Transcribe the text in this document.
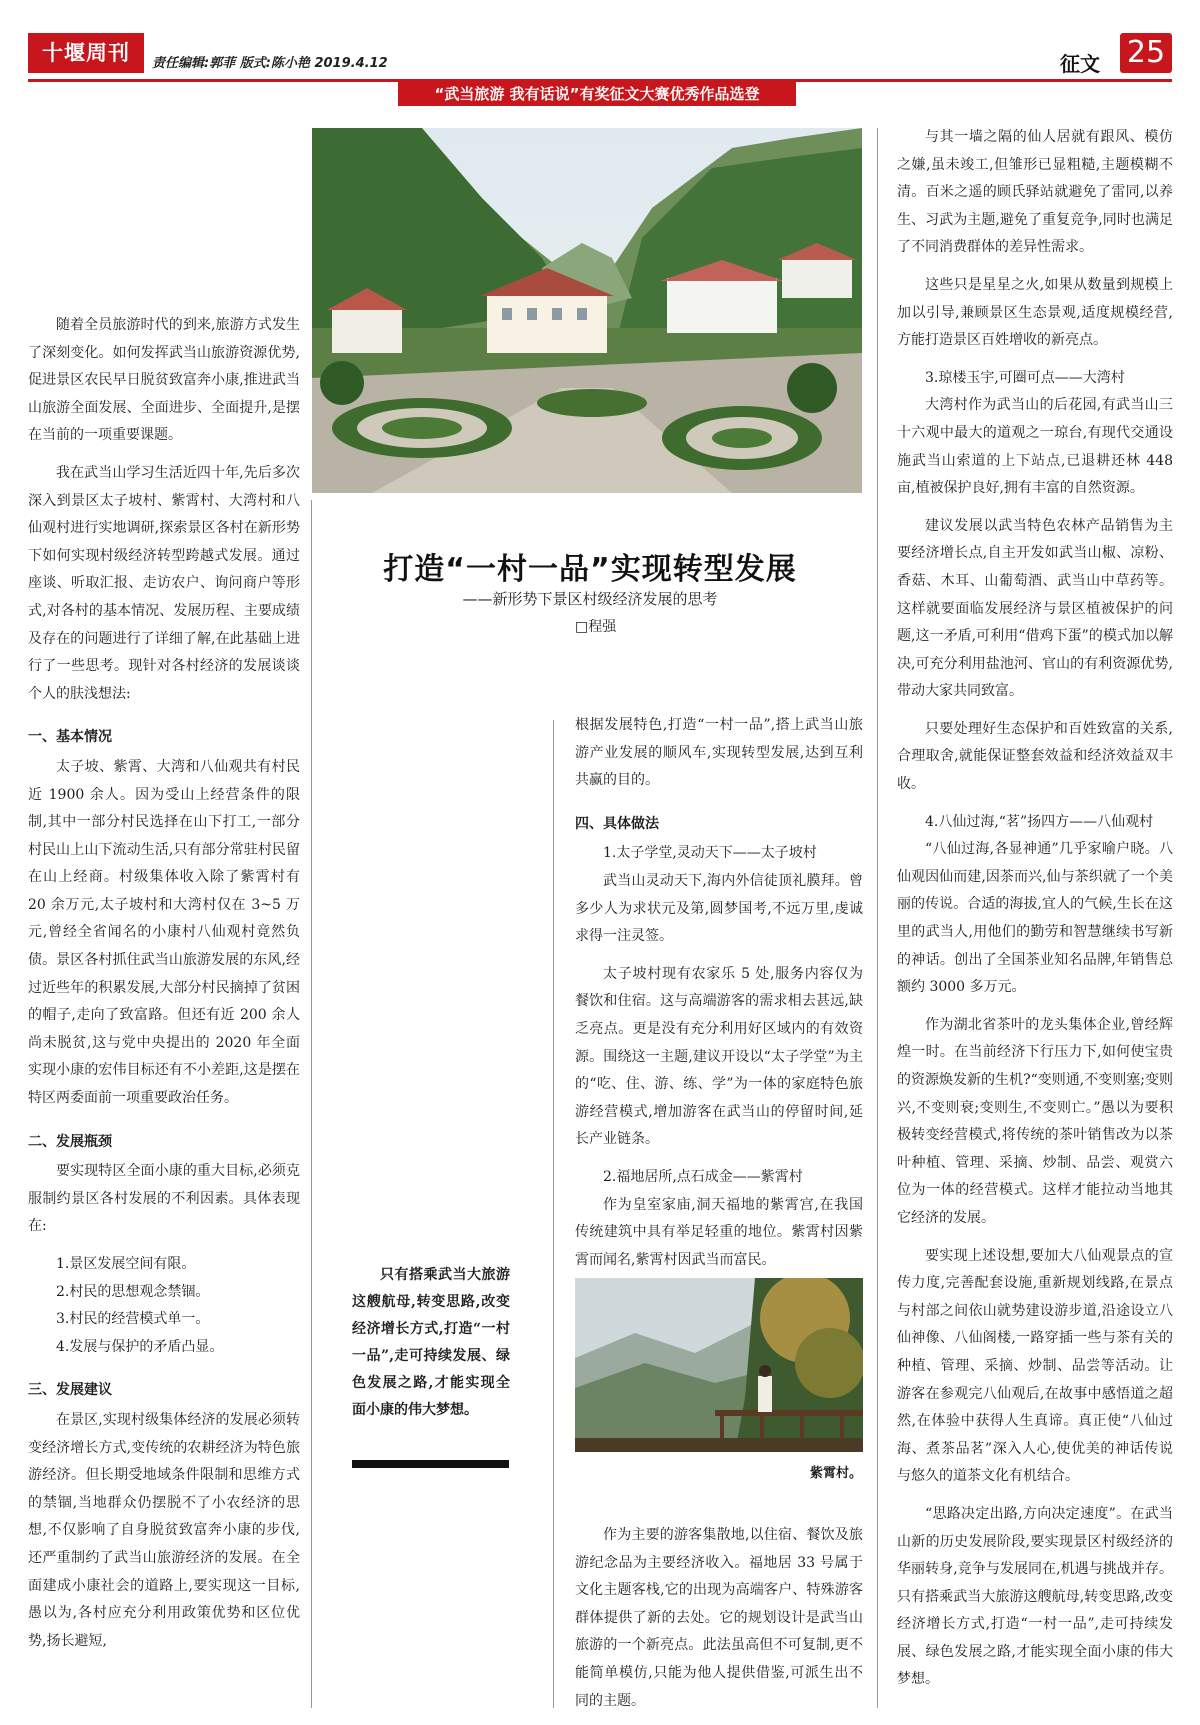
十堰周刊	责任编辑:郭菲 版式:陈小艳 2019.4.12	征文 25
“武当旅游 我有话说”有奖征文大赛优秀作品选登
打造“一村一品”实现转型发展
——新形势下景区村级经济发展的思考
□程强

随着全员旅游时代的到来,旅游方式发生了深刻变化。如何发挥武当山旅游资源优势,促进景区农民早日脱贫致富奔小康,推进武当山旅游全面发展、全面进步、全面提升,是摆在当前的一项重要课题。

我在武当山学习生活近四十年,先后多次深入到景区太子坡村、紫霄村、大湾村和八仙观村进行实地调研,探索景区各村在新形势下如何实现村级经济转型跨越式发展。通过座谈、听取汇报、走访农户、询问商户等形式,对各村的基本情况、发展历程、主要成绩及存在的问题进行了详细了解,在此基础上进行了一些思考。现针对各村经济的发展谈谈个人的肤浅想法:

一、基本情况

太子坡、紫霄、大湾和八仙观共有村民近 1900 余人。因为受山上经营条件的限制,其中一部分村民选择在山下打工,一部分村民山上山下流动生活,只有部分常驻村民留在山上经商。村级集体收入除了紫霄村有 20 余万元,太子坡村和大湾村仅在 3~5 万元,曾经全省闻名的小康村八仙观村竟然负债。景区各村抓住武当山旅游发展的东风,经过近些年的积累发展,大部分村民摘掉了贫困的帽子,走向了致富路。但还有近 200 余人尚未脱贫,这与党中央提出的 2020 年全面实现小康的宏伟目标还有不小差距,这是摆在特区两委面前一项重要政治任务。

二、发展瓶颈

要实现特区全面小康的重大目标,必须克服制约景区各村发展的不利因素。具体表现在:

1.景区发展空间有限。

2.村民的思想观念禁锢。

3.村民的经营模式单一。

4.发展与保护的矛盾凸显。

三、发展建议

在景区,实现村级集体经济的发展必须转变经济增长方式,变传统的农耕经济为特色旅游经济。但长期受地域条件限制和思维方式的禁锢,当地群众仍摆脱不了小农经济的思想,不仅影响了自身脱贫致富奔小康的步伐,还严重制约了武当山旅游经济的发展。在全面建成小康社会的道路上,要实现这一目标,愚以为,各村应充分利用政策优势和区位优势,扬长避短,

根据发展特色,打造“一村一品”,搭上武当山旅游产业发展的顺风车,实现转型发展,达到互利共赢的目的。

四、具体做法

1.太子学堂,灵动天下——太子坡村

武当山灵动天下,海内外信徒顶礼膜拜。曾多少人为求状元及第,圆梦国考,不远万里,虔诚求得一注灵签。

太子坡村现有农家乐 5 处,服务内容仅为餐饮和住宿。这与高端游客的需求相去甚远,缺乏亮点。更是没有充分利用好区域内的有效资源。围绕这一主题,建议开设以“太子学堂”为主的“吃、住、游、练、学”为一体的家庭特色旅游经营模式,增加游客在武当山的停留时间,延长产业链条。

2.福地居所,点石成金——紫霄村

作为皇室家庙,洞天福地的紫霄宫,在我国传统建筑中具有举足轻重的地位。紫霄村因紫霄而闻名,紫霄村因武当而富民。

紫霄村。

作为主要的游客集散地,以住宿、餐饮及旅游纪念品为主要经济收入。福地居 33 号属于文化主题客栈,它的出现为高端客户、特殊游客群体提供了新的去处。它的规划设计是武当山旅游的一个新亮点。此法虽高但不可复制,更不能简单模仿,只能为他人提供借鉴,可派生出不同的主题。

只有搭乘武当大旅游这艘航母,转变思路,改变经济增长方式,打造“一村一品”,走可持续发展、绿色发展之路,才能实现全面小康的伟大梦想。

与其一墙之隔的仙人居就有跟风、模仿之嫌,虽未竣工,但雏形已显粗糙,主题模糊不清。百米之遥的顾氏驿站就避免了雷同,以养生、习武为主题,避免了重复竞争,同时也满足了不同消费群体的差异性需求。

这些只是星星之火,如果从数量到规模上加以引导,兼顾景区生态景观,适度规模经营,方能打造景区百姓增收的新亮点。

3.琼楼玉宇,可圈可点——大湾村

大湾村作为武当山的后花园,有武当山三十六观中最大的道观之一琼台,有现代交通设施武当山索道的上下站点,已退耕还林 448 亩,植被保护良好,拥有丰富的自然资源。

建议发展以武当特色农林产品销售为主要经济增长点,自主开发如武当山椒、凉粉、香菇、木耳、山葡萄酒、武当山中草药等。这样就要面临发展经济与景区植被保护的问题,这一矛盾,可利用“借鸡下蛋”的模式加以解决,可充分利用盐池河、官山的有利资源优势,带动大家共同致富。

只要处理好生态保护和百姓致富的关系,合理取舍,就能保证整套效益和经济效益双丰收。

4.八仙过海,“茗”扬四方——八仙观村

“八仙过海,各显神通”几乎家喻户晓。八仙观因仙而建,因茶而兴,仙与茶织就了一个美丽的传说。合适的海拔,宜人的气候,生长在这里的武当人,用他们的勤劳和智慧继续书写新的神话。创出了全国茶业知名品牌,年销售总额约 3000 多万元。

作为湖北省茶叶的龙头集体企业,曾经辉煌一时。在当前经济下行压力下,如何使宝贵的资源焕发新的生机?“变则通,不变则塞;变则兴,不变则衰;变则生,不变则亡。”愚以为要积极转变经营模式,将传统的茶叶销售改为以茶叶种植、管理、采摘、炒制、品尝、观赏六位为一体的经营模式。这样才能拉动当地其它经济的发展。

要实现上述设想,要加大八仙观景点的宣传力度,完善配套设施,重新规划线路,在景点与村部之间依山就势建设游步道,沿途设立八仙神像、八仙阁楼,一路穿插一些与茶有关的种植、管理、采摘、炒制、品尝等活动。让游客在参观完八仙观后,在故事中感悟道之超然,在体验中获得人生真谛。真正使“八仙过海、煮茶品茗”深入人心,使优美的神话传说与悠久的道茶文化有机结合。

“思路决定出路,方向决定速度”。在武当山新的历史发展阶段,要实现景区村级经济的华丽转身,竞争与发展同在,机遇与挑战并存。只有搭乘武当大旅游这艘航母,转变思路,改变经济增长方式,打造“一村一品”,走可持续发展、绿色发展之路,才能实现全面小康的伟大梦想。
